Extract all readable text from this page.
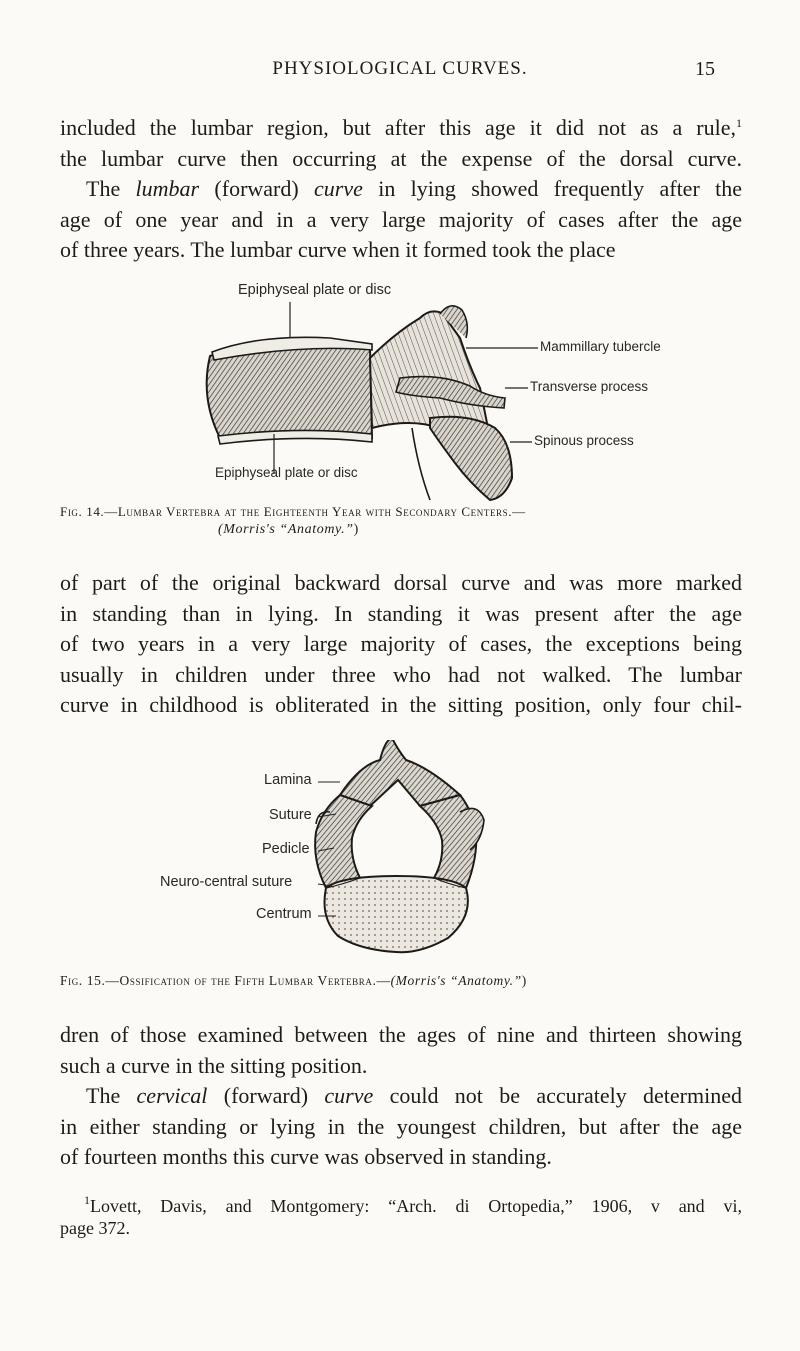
PHYSIOLOGICAL CURVES.	15

included the lumbar region, but after this age it did not as a rule,$^1$
the lumbar curve then occurring at the expense of the dorsal curve.
The lumbar (forward) curve in lying showed frequently after the
age of one year and in a very large majority of cases after the age
of three years. The lumbar curve when it formed took the place

Epiphyseal plate or disc
Mammillary tubercle
Transverse process
Spinous process
Epiphyseal plate or disc
Fig. 14.—Lumbar Vertebra at the Eighteenth Year with Secondary Centers.—
(Morris's “Anatomy.”)

of part of the original backward dorsal curve and was more marked
in standing than in lying. In standing it was present after the age
of two years in a very large majority of cases, the exceptions being
usually in children under three who had not walked. The lumbar
curve in childhood is obliterated in the sitting position, only four chil-

Lamina
Suture
Pedicle
Neuro-central suture
Centrum
Fig. 15.—Ossification of the Fifth Lumbar Vertebra.—(Morris's “Anatomy.”)

dren of those examined between the ages of nine and thirteen showing
such a curve in the sitting position.
The cervical (forward) curve could not be accurately determined
in either standing or lying in the youngest children, but after the age
of fourteen months this curve was observed in standing.

$^1$Lovett, Davis, and Montgomery: “Arch. di Ortopedia,” 1906, v and vi,
page 372.
